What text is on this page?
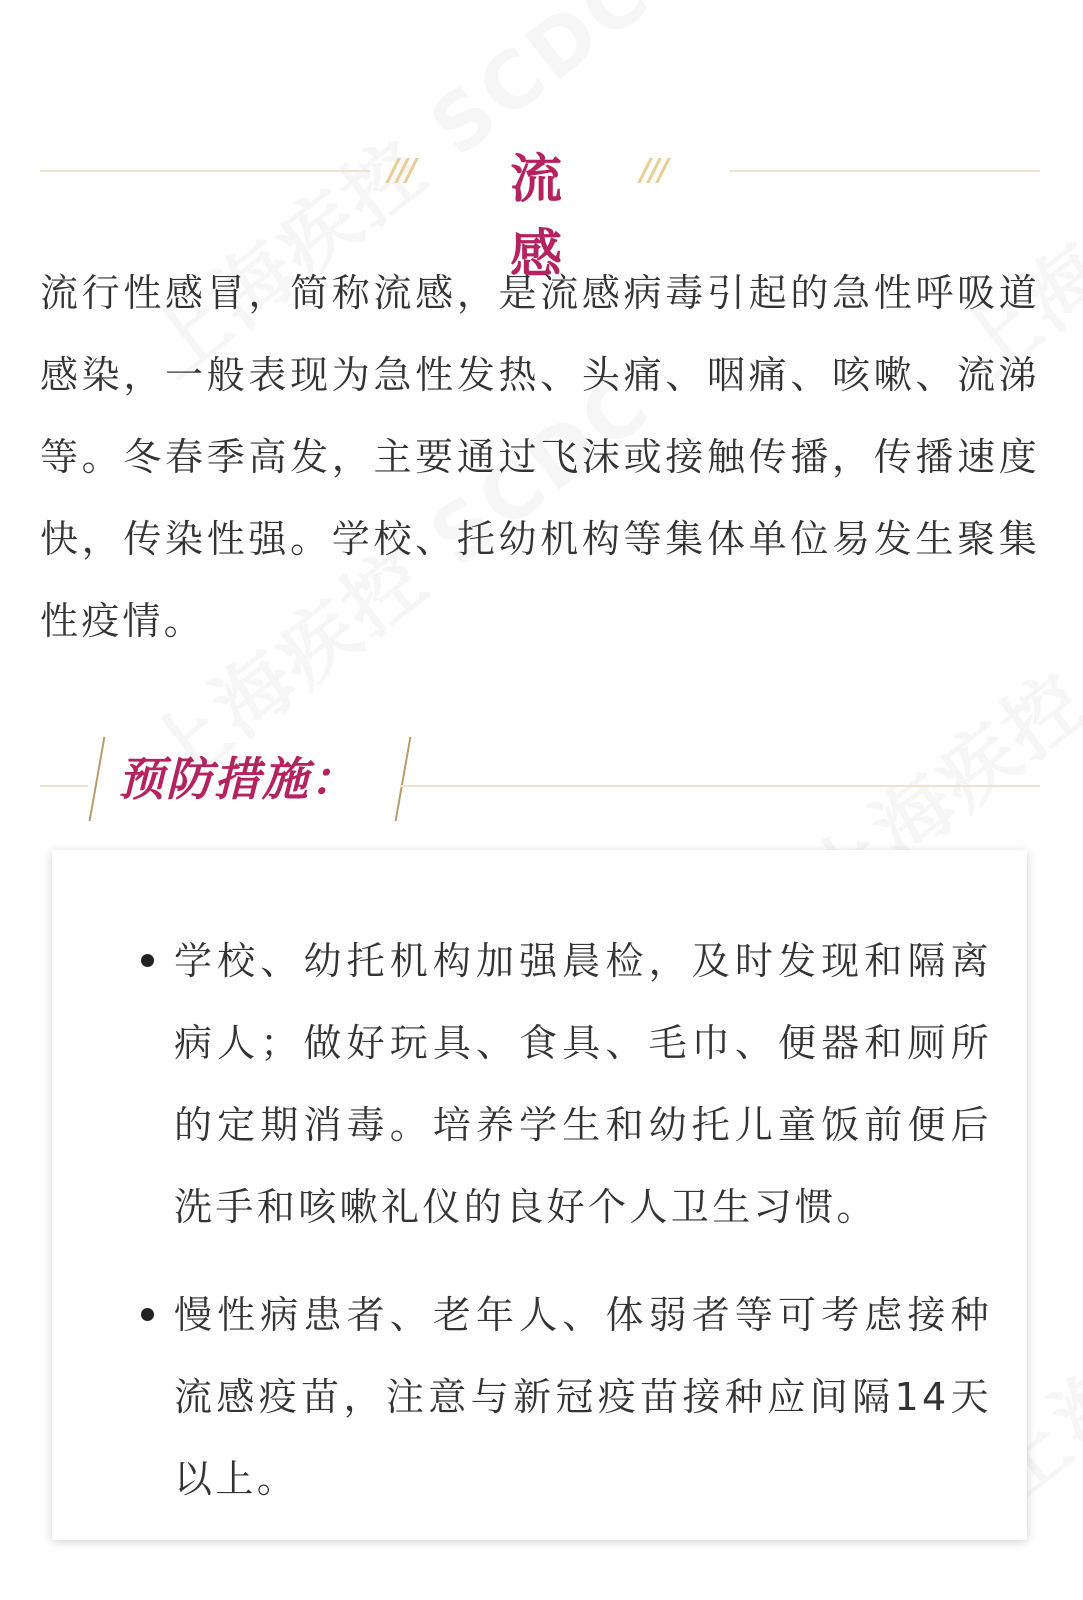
///	流 感
///
流行性感冒，简称流感，是流感病毒引起的急性呼吸道感染，一般表现为急性发热、头痛、咽痛、咳嗽、流涕等。冬春季高发，主要通过飞沫或接触传播，传播速度快，传染性强。学校、托幼机构等集体单位易发生聚集性疫情。
预防措施：
学校、幼托机构加强晨检，及时发现和隔离病人；做好玩具、食具、毛巾、便器和厕所的定期消毒。培养学生和幼托儿童饭前便后洗手和咳嗽礼仪的良好个人卫生习惯。
慢性病患者、老年人、体弱者等可考虑接种流感疫苗，注意与新冠疫苗接种应间隔14天以上。
